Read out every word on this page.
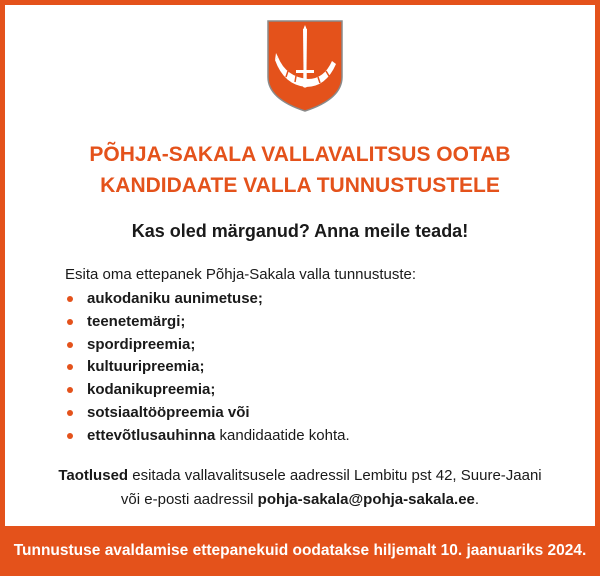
PÕHJA-SAKALA VALLAVALITSUS OOTAB
KANDIDAATE VALLA TUNNUSTUSTELE
Kas oled märganud? Anna meile teada!
Esita oma ettepanek Põhja-Sakala valla tunnustuste:
aukodaniku aunimetuse;
teenetemärgi;
spordipreemia;
kultuuripreemia;
kodanikupreemia;
sotsiaaltööpreemia või
ettevõtlusauhinna kandidaatide kohta.
Taotlused esitada vallavalitsusele aadressil Lembitu pst 42, Suure-Jaani
või e-posti aadressil pohja-sakala@pohja-sakala.ee.
Tunnustuse avaldamise ettepanekuid oodatakse hiljemalt 10. jaanuariks 2024.
